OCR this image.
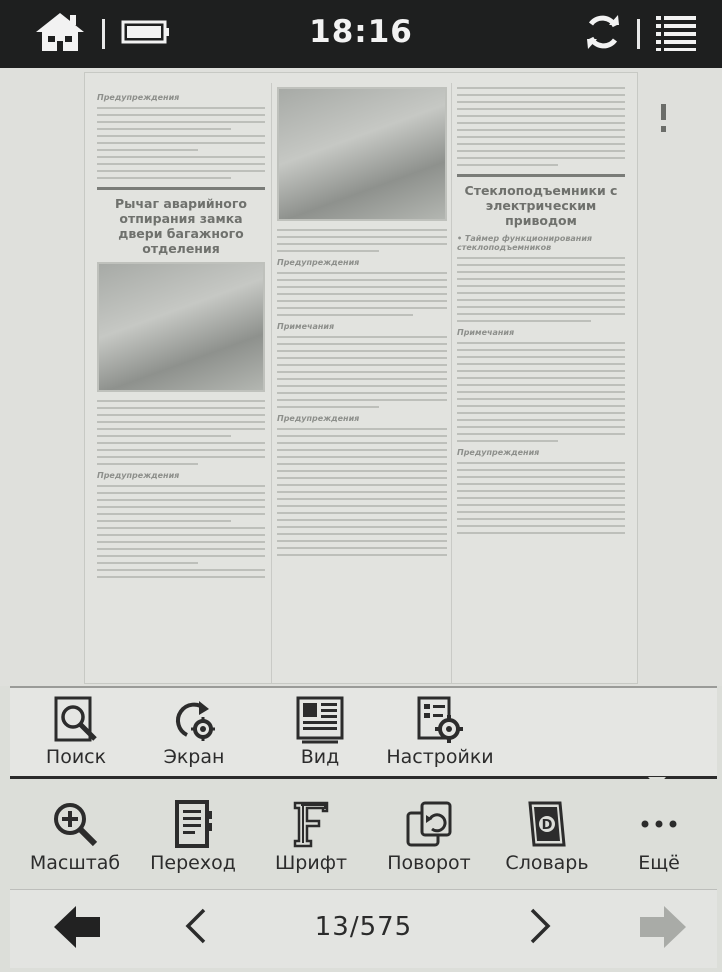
18:16
Предупреждения
Рычаг аварийного отпирания замка двери багажного отделения
Предупреждения
Предупреждения
Примечания
Предупреждения
Стеклоподъемники с электрическим приводом
• Таймер функционирования стеклоподъемников
Примечания
Предупреждения
Поиск	Экран	Вид	Настройки
Масштаб	Переход	Шрифт	Поворот
D
Словарь	Ещё
13/575
